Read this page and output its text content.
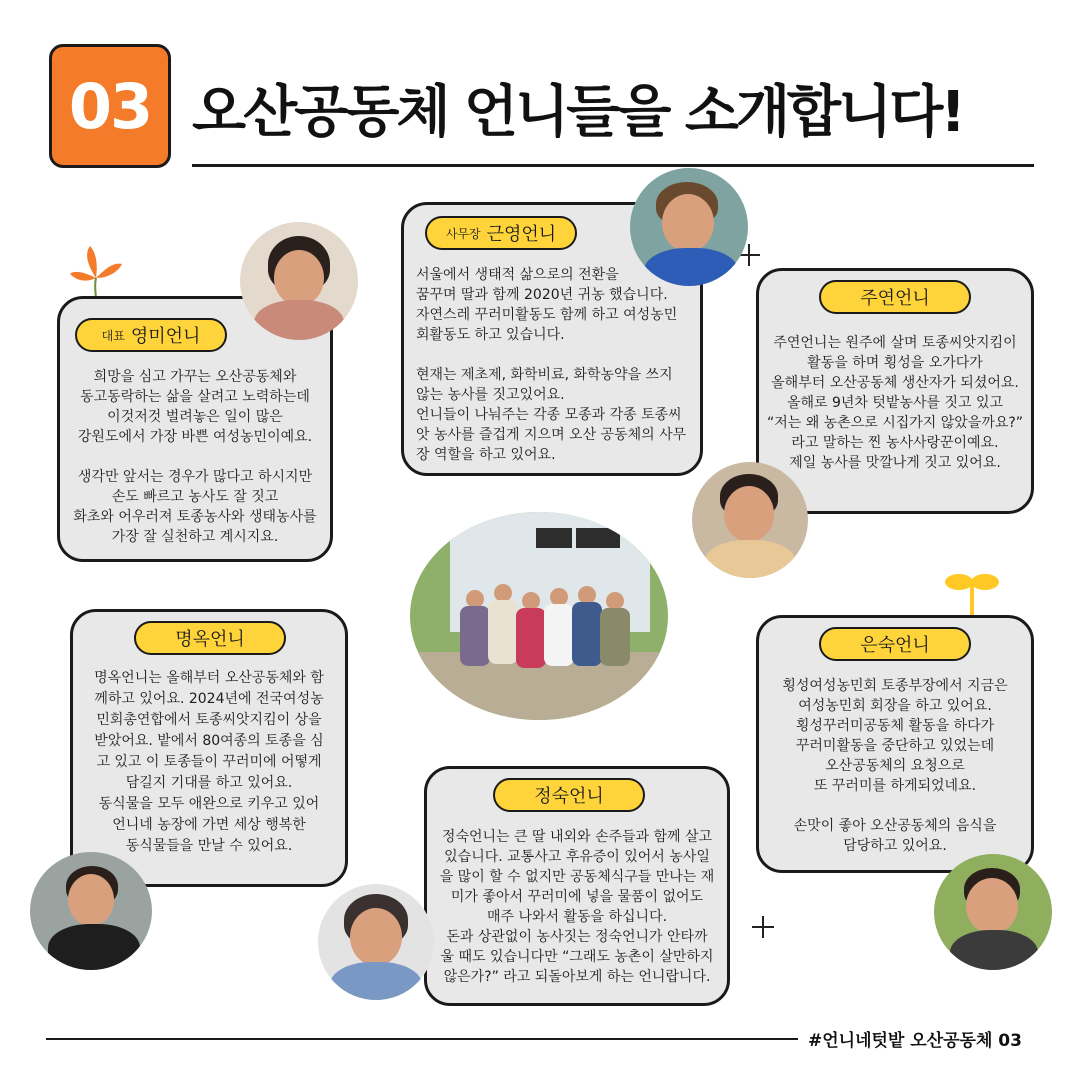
03 오산공동체 언니들을 소개합니다!
희망을 심고 가꾸는 오산공동체와
동고동락하는 삶을 살려고 노력하는데
이것저것 벌려놓은 일이 많은
강원도에서 가장 바쁜 여성농민이예요.

생각만 앞서는 경우가 많다고 하시지만
손도 빠르고 농사도 잘 짓고
화초와 어우러져 토종농사와 생태농사를
가장 잘 실천하고 계시지요.
대표 영미언니
서울에서 생태적 삶으로의 전환을
꿈꾸며 딸과 함께 2020년 귀농 했습니다.
자연스레 꾸러미활동도 함께 하고 여성농민
회활동도 하고 있습니다.

현재는 제초제, 화학비료, 화학농약을 쓰지
않는 농사를 짓고있어요.
언니들이 나눠주는 각종 모종과 각종 토종씨
앗 농사를 즐겁게 지으며 오산 공동체의 사무
장 역할을 하고 있어요.
사무장 근영언니
주연언니는 원주에 살며 토종씨앗지킴이
활동을 하며 횡성을 오가다가
올해부터 오산공동체 생산자가 되셨어요.
올해로 9년차 텃밭농사를 짓고 있고
“저는 왜 농촌으로 시집가지 않았을까요?”
라고 말하는 찐 농사사랑꾼이예요.
제일 농사를 맛깔나게 짓고 있어요.
주연언니
명옥언니는 올해부터 오산공동체와 함
께하고 있어요. 2024년에 전국여성농
민회총연합에서 토종씨앗지킴이 상을
받았어요. 밭에서 80여종의 토종을 심
고 있고 이 토종들이 꾸러미에 어떻게
담길지 기대를 하고 있어요.
동식물을 모두 애완으로 키우고 있어
언니네 농장에 가면 세상 행복한
동식물들을 만날 수 있어요.
명옥언니
정숙언니는 큰 딸 내외와 손주들과 함께 살고
있습니다. 교통사고 후유증이 있어서 농사일
을 많이 할 수 없지만 공동체식구들 만나는 재
미가 좋아서 꾸러미에 넣을 물품이 없어도
매주 나와서 활동을 하십니다.
돈과 상관없이 농사짓는 정숙언니가 안타까
울 때도 있습니다만 “그래도 농촌이 살만하지
않은가?” 라고 되돌아보게 하는 언니랍니다.
정숙언니
횡성여성농민회 토종부장에서 지금은
여성농민회 회장을 하고 있어요.
횡성꾸러미공동체 활동을 하다가
꾸러미활동을 중단하고 있었는데
오산공동체의 요청으로
또 꾸러미를 하게되었네요.

손맛이 좋아 오산공동체의 음식을
담당하고 있어요.
은숙언니
#언니네텃밭 오산공동체 03
